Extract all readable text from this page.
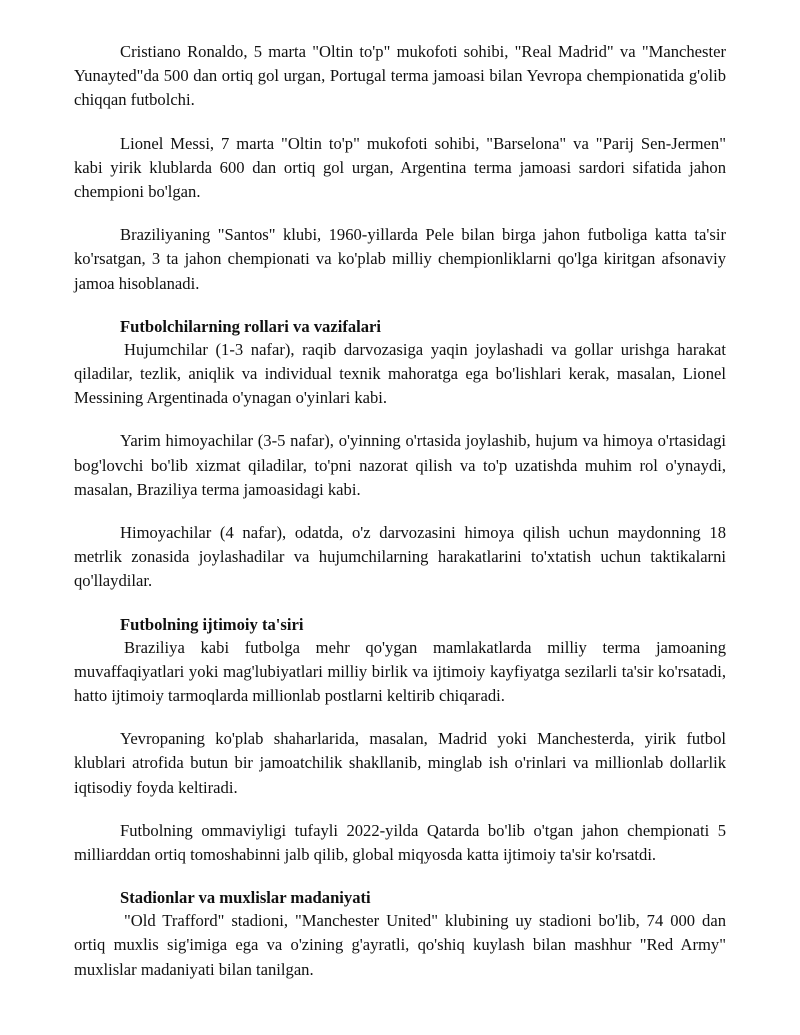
Cristiano Ronaldo, 5 marta "Oltin to'p" mukofoti sohibi, "Real Madrid" va "Manchester Yunayted"da 500 dan ortiq gol urgan, Portugal terma jamoasi bilan Yevropa chempionatida g'olib chiqqan futbolchi.

Lionel Messi, 7 marta "Oltin to'p" mukofoti sohibi, "Barselona" va "Parij Sen-Jermen" kabi yirik klublarda 600 dan ortiq gol urgan, Argentina terma jamoasi sardori sifatida jahon chempioni bo'lgan.

Braziliyaning "Santos" klubi, 1960-yillarda Pele bilan birga jahon futboliga katta ta'sir ko'rsatgan, 3 ta jahon chempionati va ko'plab milliy chempionliklarni qo'lga kiritgan afsonaviy jamoa hisoblanadi.

Futbolchilarning rollari va vazifalari

Hujumchilar (1-3 nafar), raqib darvozasiga yaqin joylashadi va gollar urishga harakat qiladilar, tezlik, aniqlik va individual texnik mahoratga ega bo'lishlari kerak, masalan, Lionel Messining Argentinada o'ynagan o'yinlari kabi.

Yarim himoyachilar (3-5 nafar), o'yinning o'rtasida joylashib, hujum va himoya o'rtasidagi bog'lovchi bo'lib xizmat qiladilar, to'pni nazorat qilish va to'p uzatishda muhim rol o'ynaydi, masalan, Braziliya terma jamoasidagi kabi.

Himoyachilar (4 nafar), odatda, o'z darvozasini himoya qilish uchun maydonning 18 metrlik zonasida joylashadilar va hujumchilarning harakatlarini to'xtatish uchun taktikalarni qo'llaydilar.

Futbolning ijtimoiy ta'siri

Braziliya kabi futbolga mehr qo'ygan mamlakatlarda milliy terma jamoaning muvaffaqiyatlari yoki mag'lubiyatlari milliy birlik va ijtimoiy kayfiyatga sezilarli ta'sir ko'rsatadi, hatto ijtimoiy tarmoqlarda millionlab postlarni keltirib chiqaradi.

Yevropaning ko'plab shaharlarida, masalan, Madrid yoki Manchesterda, yirik futbol klublari atrofida butun bir jamoatchilik shakllanib, minglab ish o'rinlari va millionlab dollarlik iqtisodiy foyda keltiradi.

Futbolning ommaviyligi tufayli 2022-yilda Qatarda bo'lib o'tgan jahon chempionati 5 milliarddan ortiq tomoshabinni jalb qilib, global miqyosda katta ijtimoiy ta'sir ko'rsatdi.

Stadionlar va muxlislar madaniyati

"Old Trafford" stadioni, "Manchester United" klubining uy stadioni bo'lib, 74 000 dan ortiq muxlis sig'imiga ega va o'zining g'ayratli, qo'shiq kuylash bilan mashhur "Red Army" muxlislar madaniyati bilan tanilgan.
